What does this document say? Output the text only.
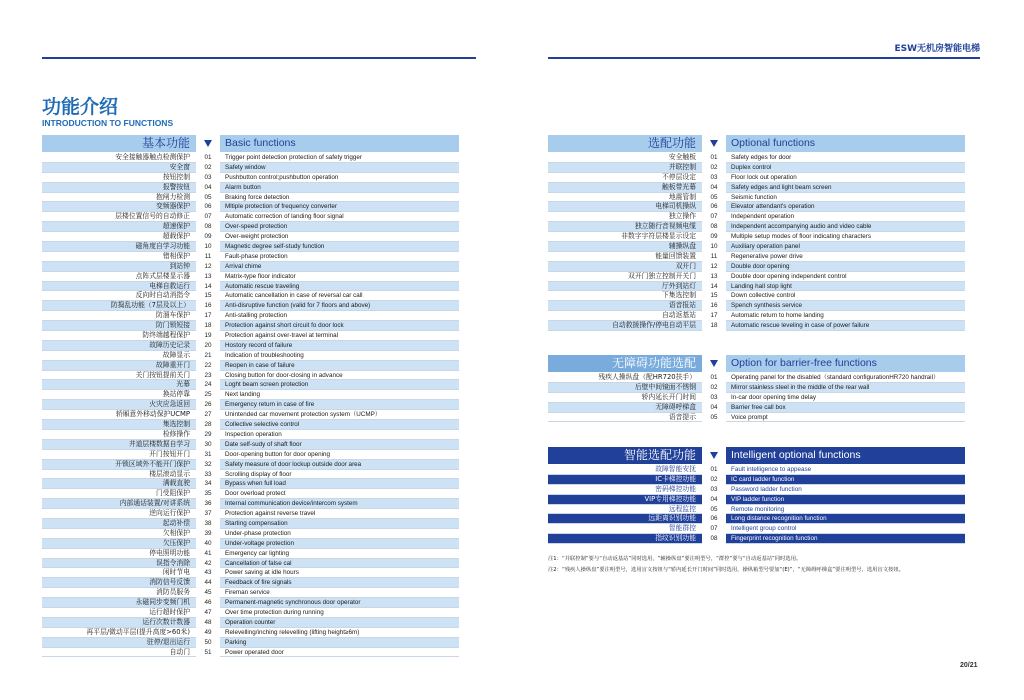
ESW无机房智能电梯
功能介绍
INTRODUCTION TO FUNCTIONS
基本功能	Basic functions
安全接触器触点检测保护	01	Trigger point detection protection of safety trigger
安全窗	02	Safety window
按钮控制	03	Pushbutton control;pushbutton operation
报警按钮	04	Alarm button
抱闸力检测	05	Braking force detection
变频器保护	06	Mltiple protection of frequency converter
层楼位置信号的自动修正	07	Automatic correction of landing floor signal
超速保护	08	Over-speed protection
超载保护	09	Over-weight protection
磁角度自学习功能	10	Magnetic degree self-study function
错相保护	11	Fault-phase protection
到站钟	12	Arrival chime
点阵式层楼显示器	13	Matrix-type floor indicator
电梯自救运行	14	Automatic rescue traveling
反向时自动消指令	15	Automatic cancellation in case of reversal car call
防捣乱功能（7层及以上）	16	Anti-disruptive function (valid for 7 floors and above)
防溜车保护	17	Anti-stalling protection
防门锁短接	18	Protection against short circuit fo door lock
防终端越程保护	19	Protection against over-travel at terminal
故障历史记录	20	Hostory record of failure
故障显示	21	Indication of troubleshooting
故障重开门	22	Reopen in case of failure
关门按钮提前关门	23	Closing button for door-closing in advance
光幕	24	Loght beam screen protection
换站停靠	25	Next landing
火灾应急返回	26	Emergency return in case of fire
轿厢意外移动保护UCMP	27	Unintended car movement protection system（UCMP）
集选控制	28	Collective selective control
检修操作	29	Inspection operation
井道层楼数据自学习	30	Date self-sudy of shaft floor
开门按钮开门	31	Door-opening button for door opening
开锁区域外不能开门保护	32	Safety measure of door lockup outside door area
楼层滚动显示	33	Scrolling display of floor
满载直驶	34	Bypass when full load
门受阻保护	35	Door overload protect
内部通话装置/对讲系统	36	Internal communication device/intercom system
逆向运行保护	37	Protection against reverse travel
起动补偿	38	Starting compensation
欠相保护	39	Under-phase protection
欠压保护	40	Under-voltage protection
停电照明功能	41	Emergency car lighting
误指令消除	42	Cancellation of false cal
闲时节电	43	Power saving at idle hours
消防信号反馈	44	Feedback of fire signals
消防员服务	45	Fireman service
永磁同步变频门机	46	Permanent-magnetic synchronous door operator
运行超时保护	47	Over time protection during running
运行次数计数器	48	Operation counter
再平层/微动平层(提升高度>60米)	49	Relevelling/inching relevelling (lifting height≥6m)
驻停/退出运行	50	Parking
自动门	51	Power operated door
选配功能	Optional functions
安全触板	01	Safety edges for door
并联控制	02	Duplex control
不停层设定	03	Floor lock out operation
触板带光幕	04	Safety edges and light beam screen
地震管制	05	Seismic function
电梯司机操纵	06	Elevator attendant's operation
独立操作	07	Independent operation
独立随行音视频电缆	08	Independent accompanying audio and video cable
非数字字符层楼显示设定	09	Multiple setup modes of floor indicating characters
辅操纵盘	10	Auxiliary operation panel
能量回馈装置	11	Regenerative power drive
双开门	12	Double door opening
双开门独立控制开关门	13	Double door opening independent control
厅外到站灯	14	Landing hall stop light
下集选控制	15	Down collective control
语音报站	16	Spench synthesis service
自动返基站	17	Automatic return to home landing
自动救援操作/停电自动平层	18	Automatic rescue leveling in case of power failure
无障碍功能选配	Option for barrier-free functions
残疾人操纵盘（配HR720扶手）	01	Operating panel for the disabled（standard configurationHR720 handrail）
后壁中间镜面不锈钢	02	Mirror stainless steel in the middle of the rear wall
轿内延长开门时间	03	In-car door opening time delay
无障碍呼梯盒	04	Barrier free call box
语音提示	05	Voice prompt
智能选配功能	Intelligent optional functions
故障智能安抚	01	Fault intelligence to appease
IC卡梯控功能	02	IC card ladder function
密码梯控功能	03	Password ladder function
VIP专用梯控功能	04	VIP ladder function
远程监控	05	Remote monitoring
远距离识别功能	06	Long distance recognition function
智能群控	07	Intelligent group control
指纹识别功能	08	Fingerprint recognition function

注1：“并联控制”要与“自动返基站”同时选用，“辅操纵盘”要注明型号，“群控”要与“自动返基站”同时选用。

注2：“残疾人操纵盘”要注明型号，选用盲文按钮与“轿内延长开门时间”同时选用，操纵箱型号要加“(E)”，“无障碍呼梯盒”要注明型号，选用盲文按钮。

20/21
